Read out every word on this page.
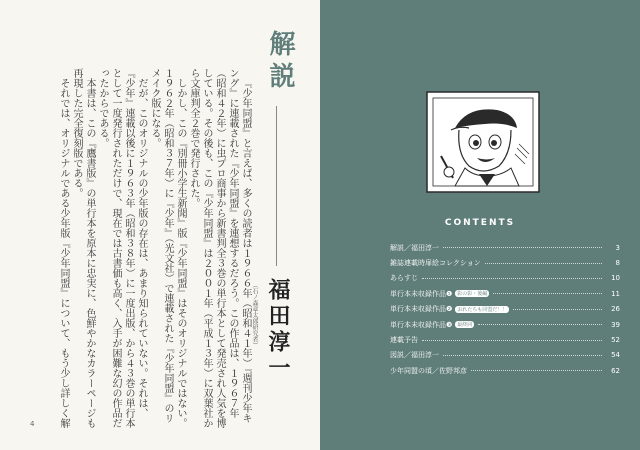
『少年同盟』と言えば、多くの読者は１９６６年（昭和４１年）『週刊少年キング』に連載された『少年同盟』を連想するだろう。この作品は、１９６７年（昭和４２年）に虫プロ商事から新書判全３巻の単行本として発売され人気を博している。その後も、この『少年同盟』は２００１年（平成１３年）に双葉社から文庫判全２巻で発行された。

しかし、この『別冊小学生新聞』版『少年同盟』はそのオリジナルではない。１９６２年（昭和３７年）に『少年』（光文社）で連載された『少年同盟』のリメイク版になる。

だが、このオリジナルの少年版の存在は、あまり知られていない。それは、『少年』連載以後に１９６３年（昭和３８年）に一度出版、から４３巻の単行本として一度発行されただけで、現在では古書価も高く、入手が困難な幻の作品だったからである。

本書は、この『鷹書版』の単行本を原本に忠実に、色鮮やかなカラーページも再現した完全復刻版である。

それでは、オリジナルである少年版『少年同盟』について、もう少し詳しく解

解説
福田淳一
（石ノ森章太郎研究者）
4
CONTENTS
解説／福田淳一	3
雑誌連載時扉絵コレクション	8
あらすじ	10
単行本未収録作品❶	影の影・後編	11
単行本未収録作品❷	おれたちも同盟だ！！	26
単行本未収録作品❸	最終回	39
連載予告	52
図説／福田淳一	54
少年同盟の頃／佐野邦彦	62
